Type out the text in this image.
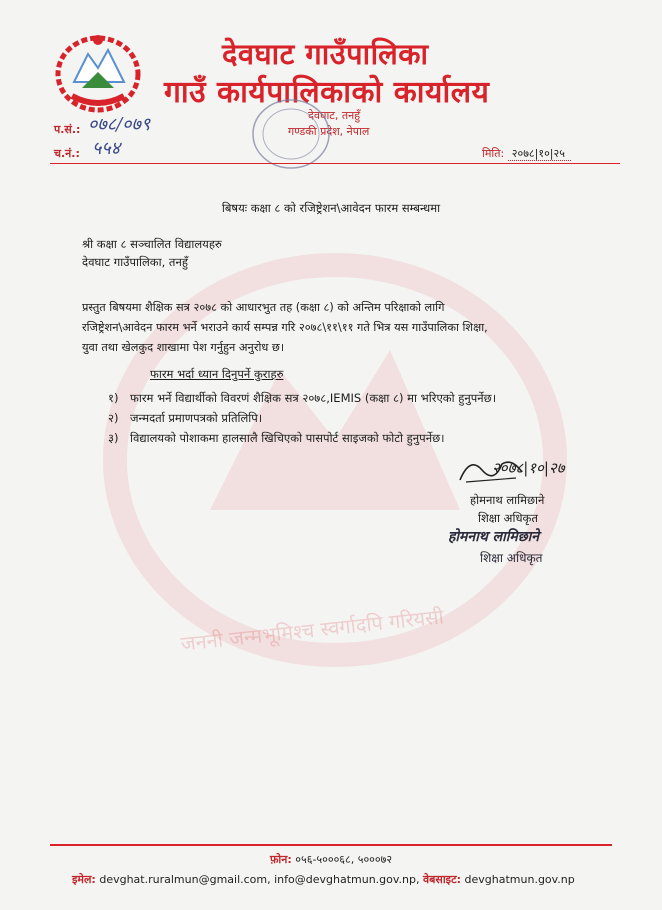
देवघाट गाउँपालिका
गाउँ कार्यपालिकाको कार्यालय
देवघाट, तनहुँ
गण्डकी प्रदेश, नेपाल
प.सं.: ०७८/०७९
च.नं.: ५५४	मिति: २०७८|१०|२५
जननी जन्मभूमिश्च स्वर्गादपि गरियसी
बिषयः कक्षा ८ को रजिष्ट्रेशन\आवेदन फारम सम्बन्धमा
श्री कक्षा ८ सञ्चालित विद्यालयहरु
देवघाट गाउँपालिका, तनहुँ
प्रस्तुत बिषयमा शैक्षिक सत्र २०७८ को आधारभुत तह (कक्षा ८) को अन्तिम परिक्षाको लागि
रजिष्ट्रेशन\आवेदन फारम भर्ने भराउने कार्य सम्पन्न गरि २०७८\११\११ गते भित्र यस गाउँपालिका शिक्षा,
युवा तथा खेलकुद शाखामा पेश गर्नुहुन अनुरोध छ।
फारम भर्दा ध्यान दिनुपर्ने कुराहरु
१) फारम भर्ने विद्यार्थीको विवरणं शैक्षिक सत्र २०७८,IEMIS (कक्षा ८) मा भरिएको हुनुपर्नेछ।
२) जन्मदर्ता प्रमाणपत्रको प्रतिलिपि।
३) विद्यालयको पोशाकमा हालसालै खिचिएको पासपोर्ट साइजको फोटो हुनुपर्नेछ।
२०७८|१०|२७
होमनाथ लामिछाने
शिक्षा अधिकृत
होमनाथ लामिछाने
शिक्षा अधिकृत
फ़ोन: ०५६-५०००६८, ५०००७२
इमेल: devghat.ruralmun@gmail.com, info@devghatmun.gov.np, वेबसाइट: devghatmun.gov.np
